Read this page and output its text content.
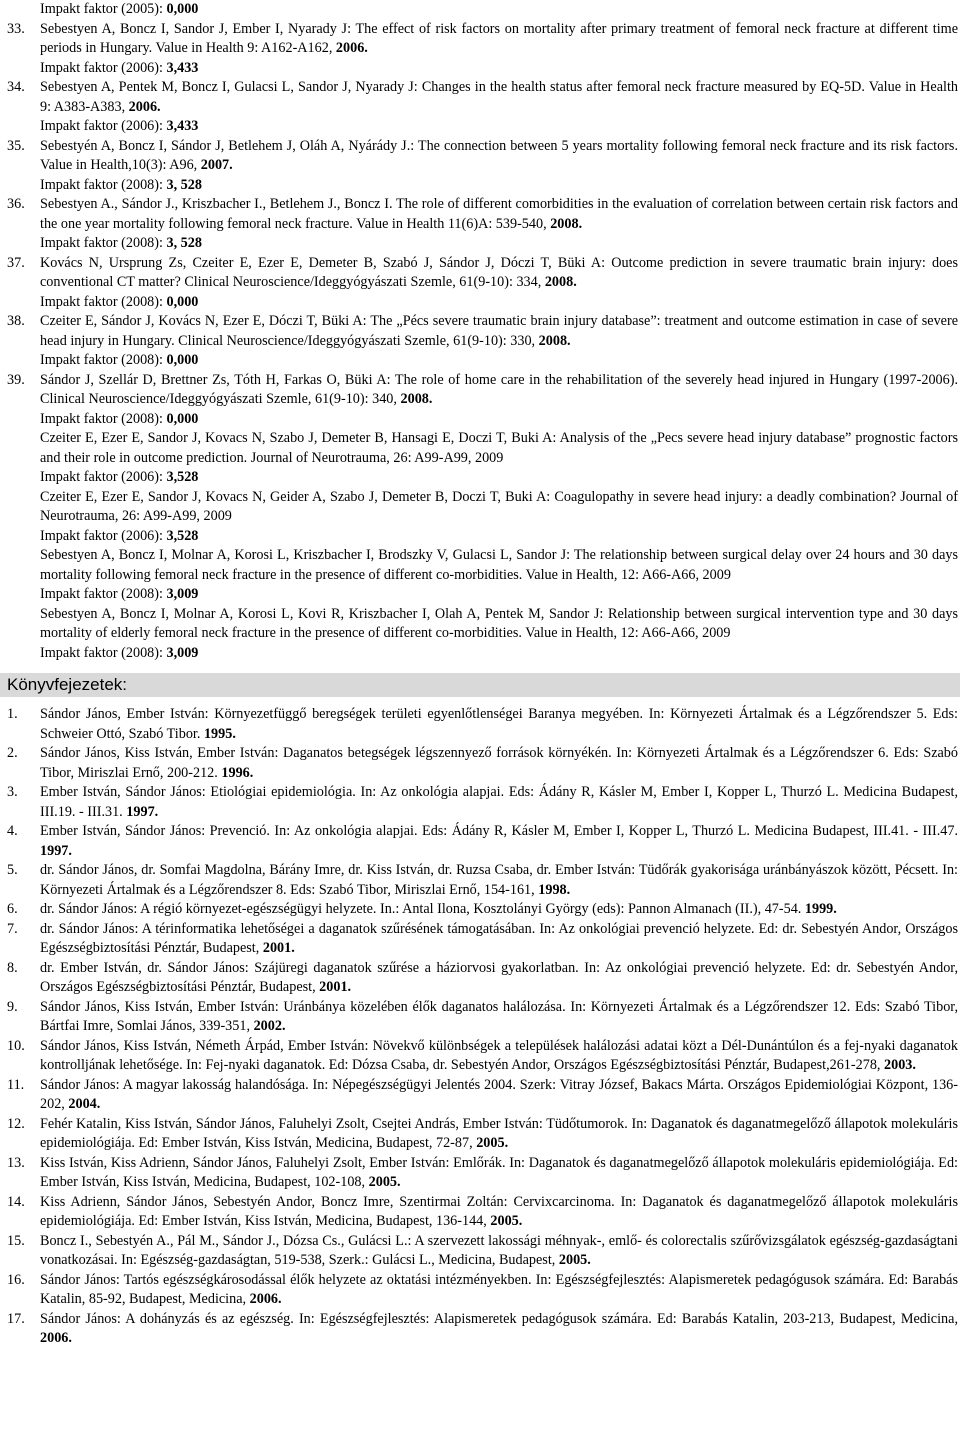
Impakt faktor (2005): 0,000
33.	Sebestyen A, Boncz I, Sandor J, Ember I, Nyarady J: The effect of risk factors on mortality after primary treatment of femoral neck fracture at different time periods in Hungary. Value in Health 9: A162-A162, 2006.
Impakt faktor (2006): 3,433
34.	Sebestyen A, Pentek M, Boncz I, Gulacsi L, Sandor J, Nyarady J: Changes in the health status after femoral neck fracture measured by EQ-5D. Value in Health 9: A383-A383, 2006.
Impakt faktor (2006): 3,433
35.	Sebestyén A, Boncz I, Sándor J, Betlehem J, Oláh A, Nyárády J.: The connection between 5 years mortality following femoral neck fracture and its risk factors. Value in Health,10(3): A96, 2007.
Impakt faktor (2008): 3, 528
36.	Sebestyen A., Sándor J., Kriszbacher I., Betlehem J., Boncz I. The role of different comorbidities in the evaluation of correlation between certain risk factors and the one year mortality following femoral neck fracture. Value in Health 11(6)A: 539-540, 2008.
Impakt faktor (2008): 3, 528
37.	Kovács N, Ursprung Zs, Czeiter E, Ezer E, Demeter B, Szabó J, Sándor J, Dóczi T, Büki A: Outcome prediction in severe traumatic brain injury: does conventional CT matter? Clinical Neuroscience/Ideggyógyászati Szemle, 61(9-10): 334, 2008.
Impakt faktor (2008): 0,000
38.	Czeiter E, Sándor J, Kovács N, Ezer E, Dóczi T, Büki A: The „Pécs severe traumatic brain injury database”: treatment and outcome estimation in case of severe head injury in Hungary. Clinical Neuroscience/Ideggyógyászati Szemle, 61(9-10): 330, 2008.
Impakt faktor (2008): 0,000
39.	Sándor J, Szellár D, Brettner Zs, Tóth H, Farkas O, Büki A: The role of home care in the rehabilitation of the severely head injured in Hungary (1997-2006). Clinical Neuroscience/Ideggyógyászati Szemle, 61(9-10): 340, 2008.
Impakt faktor (2008): 0,000
Czeiter E, Ezer E, Sandor J, Kovacs N, Szabo J, Demeter B, Hansagi E, Doczi T, Buki A: Analysis of the „Pecs severe head injury database” prognostic factors and their role in outcome prediction. Journal of Neurotrauma, 26: A99-A99, 2009
Impakt faktor (2006): 3,528
Czeiter E, Ezer E, Sandor J, Kovacs N, Geider A, Szabo J, Demeter B, Doczi T, Buki A: Coagulopathy in severe head injury: a deadly combination? Journal of Neurotrauma, 26: A99-A99, 2009
Impakt faktor (2006): 3,528
Sebestyen A, Boncz I, Molnar A, Korosi L, Kriszbacher I, Brodszky V, Gulacsi L, Sandor J: The relationship between surgical delay over 24 hours and 30 days mortality following femoral neck fracture in the presence of different co-morbidities. Value in Health, 12: A66-A66, 2009
Impakt faktor (2008): 3,009
Sebestyen A, Boncz I, Molnar A, Korosi L, Kovi R, Kriszbacher I, Olah A, Pentek M, Sandor J: Relationship between surgical intervention type and 30 days mortality of elderly femoral neck fracture in the presence of different co-morbidities. Value in Health, 12: A66-A66, 2009
Impakt faktor (2008): 3,009
Könyvfejezetek:
1.	Sándor János, Ember István: Környezetfüggő beregségek területi egyenlőtlenségei Baranya megyében. In: Környezeti Ártalmak és a Légzőrendszer 5. Eds: Schweier Ottó, Szabó Tibor. 1995.
2.	Sándor János, Kiss István, Ember István: Daganatos betegségek légszennyező források környékén. In: Környezeti Ártalmak és a Légzőrendszer 6. Eds: Szabó Tibor, Miriszlai Ernő, 200-212. 1996.
3.	Ember István, Sándor János: Etiológiai epidemiológia. In: Az onkológia alapjai. Eds: Ádány R, Kásler M, Ember I, Kopper L, Thurzó L. Medicina Budapest, III.19. - III.31. 1997.
4.	Ember István, Sándor János: Prevenció. In: Az onkológia alapjai. Eds: Ádány R, Kásler M, Ember I, Kopper L, Thurzó L. Medicina Budapest, III.41. - III.47. 1997.
5.	dr. Sándor János, dr. Somfai Magdolna, Bárány Imre, dr. Kiss István, dr. Ruzsa Csaba, dr. Ember István: Tüdőrák gyakorisága uránbányászok között, Pécsett. In: Környezeti Ártalmak és a Légzőrendszer 8. Eds: Szabó Tibor, Miriszlai Ernő, 154-161, 1998.
6.	dr. Sándor János: A régió környezet-egészségügyi helyzete. In.: Antal Ilona, Kosztolányi György (eds): Pannon Almanach (II.), 47-54. 1999.
7.	dr. Sándor János: A térinformatika lehetőségei a daganatok szűrésének támogatásában. In: Az onkológiai prevenció helyzete. Ed: dr. Sebestyén Andor, Országos Egészségbiztosítási Pénztár, Budapest, 2001.
8.	dr. Ember István, dr. Sándor János: Szájüregi daganatok szűrése a háziorvosi gyakorlatban. In: Az onkológiai prevenció helyzete. Ed: dr. Sebestyén Andor, Országos Egészségbiztosítási Pénztár, Budapest, 2001.
9.	Sándor János, Kiss István, Ember István: Uránbánya közelében élők daganatos halálozása. In: Környezeti Ártalmak és a Légzőrendszer 12. Eds: Szabó Tibor, Bártfai Imre, Somlai János, 339-351, 2002.
10.	Sándor János, Kiss István, Németh Árpád, Ember István: Növekvő különbségek a települések halálozási adatai közt a Dél-Dunántúlon és a fej-nyaki daganatok kontrolljának lehetősége. In: Fej-nyaki daganatok. Ed: Dózsa Csaba, dr. Sebestyén Andor, Országos Egészségbiztosítási Pénztár, Budapest,261-278, 2003.
11.	Sándor János: A magyar lakosság halandósága. In: Népegészségügyi Jelentés 2004. Szerk: Vitray József, Bakacs Márta. Országos Epidemiológiai Központ, 136-202, 2004.
12.	Fehér Katalin, Kiss István, Sándor János, Faluhelyi Zsolt, Csejtei András, Ember István: Tüdőtumorok. In: Daganatok és daganatmegelőző állapotok molekuláris epidemiológiája. Ed: Ember István, Kiss István, Medicina, Budapest, 72-87, 2005.
13.	Kiss István, Kiss Adrienn, Sándor János, Faluhelyi Zsolt, Ember István: Emlőrák. In: Daganatok és daganatmegelőző állapotok molekuláris epidemiológiája. Ed: Ember István, Kiss István, Medicina, Budapest, 102-108, 2005.
14.	Kiss Adrienn, Sándor János, Sebestyén Andor, Boncz Imre, Szentirmai Zoltán: Cervixcarcinoma. In: Daganatok és daganatmegelőző állapotok molekuláris epidemiológiája. Ed: Ember István, Kiss István, Medicina, Budapest, 136-144, 2005.
15.	Boncz I., Sebestyén A., Pál M., Sándor J., Dózsa Cs., Gulácsi L.: A szervezett lakossági méhnyak-, emlő- és colorectalis szűrővizsgálatok egészség-gazdaságtani vonatkozásai. In: Egészség-gazdaságtan, 519-538, Szerk.: Gulácsi L., Medicina, Budapest, 2005.
16.	Sándor János: Tartós egészségkárosodással élők helyzete az oktatási intézményekben. In: Egészségfejlesztés: Alapismeretek pedagógusok számára. Ed: Barabás Katalin, 85-92, Budapest, Medicina, 2006.
17.	Sándor János: A dohányzás és az egészség. In: Egészségfejlesztés: Alapismeretek pedagógusok számára. Ed: Barabás Katalin, 203-213, Budapest, Medicina, 2006.
